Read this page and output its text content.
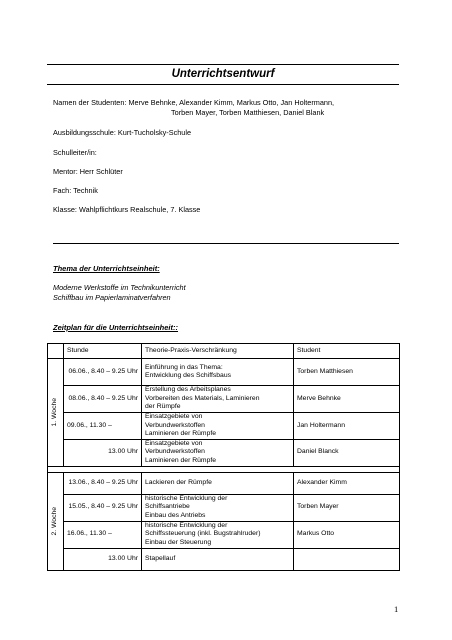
Unterrichtsentwurf
Namen der Studenten: Merve Behnke, Alexander Kimm, Markus Otto, Jan Holtermann,
Torben Mayer, Torben Matthiesen, Daniel Blank
Ausbildungsschule: Kurt-Tucholsky-Schule
Schulleiter/in:
Mentor: Herr Schlüter
Fach: Technik
Klasse: Wahlpflichtkurs Realschule, 7. Klasse
Thema der Unterrichtseinheit:
Moderne Werkstoffe im Technikunterricht
Schiffbau im Papierlaminatverfahren
Zeitplan für die Unterrichtseinheit::
	Stunde	Theorie-Praxis-Verschränkung	Student

1. Woche	06.06., 8.40 – 9.25 Uhr	Einführung in das Thema:
Entwicklung des Schiffsbaus	Torben Matthiesen
	08.06., 8.40 – 9.25 Uhr	Erstellung des Arbeitsplanes
Vorbereiten des Materials, Laminieren
der Rümpfe	Merve Behnke
	09.06., 11.30 –	Einsatzgebiete von
Verbundwerkstoffen
Laminieren der Rümpfe	Jan Holtermann
	13.00 Uhr	Einsatzgebiete von
Verbundwerkstoffen
Laminieren der Rümpfe	Daniel Blanck

2. Woche	13.06., 8.40 – 9.25 Uhr	Lackieren der Rümpfe	Alexander Kimm
	15.05., 8.40 – 9.25 Uhr	historische Entwicklung der
Schiffsantriebe
Einbau des Antriebs	Torben Mayer
	16.06., 11.30 –	historische Entwicklung der
Schiffssteuerung (inkl. Bugstrahlruder)
Einbau der Steuerung	Markus Otto
	13.00 Uhr	Stapellauf	

1
